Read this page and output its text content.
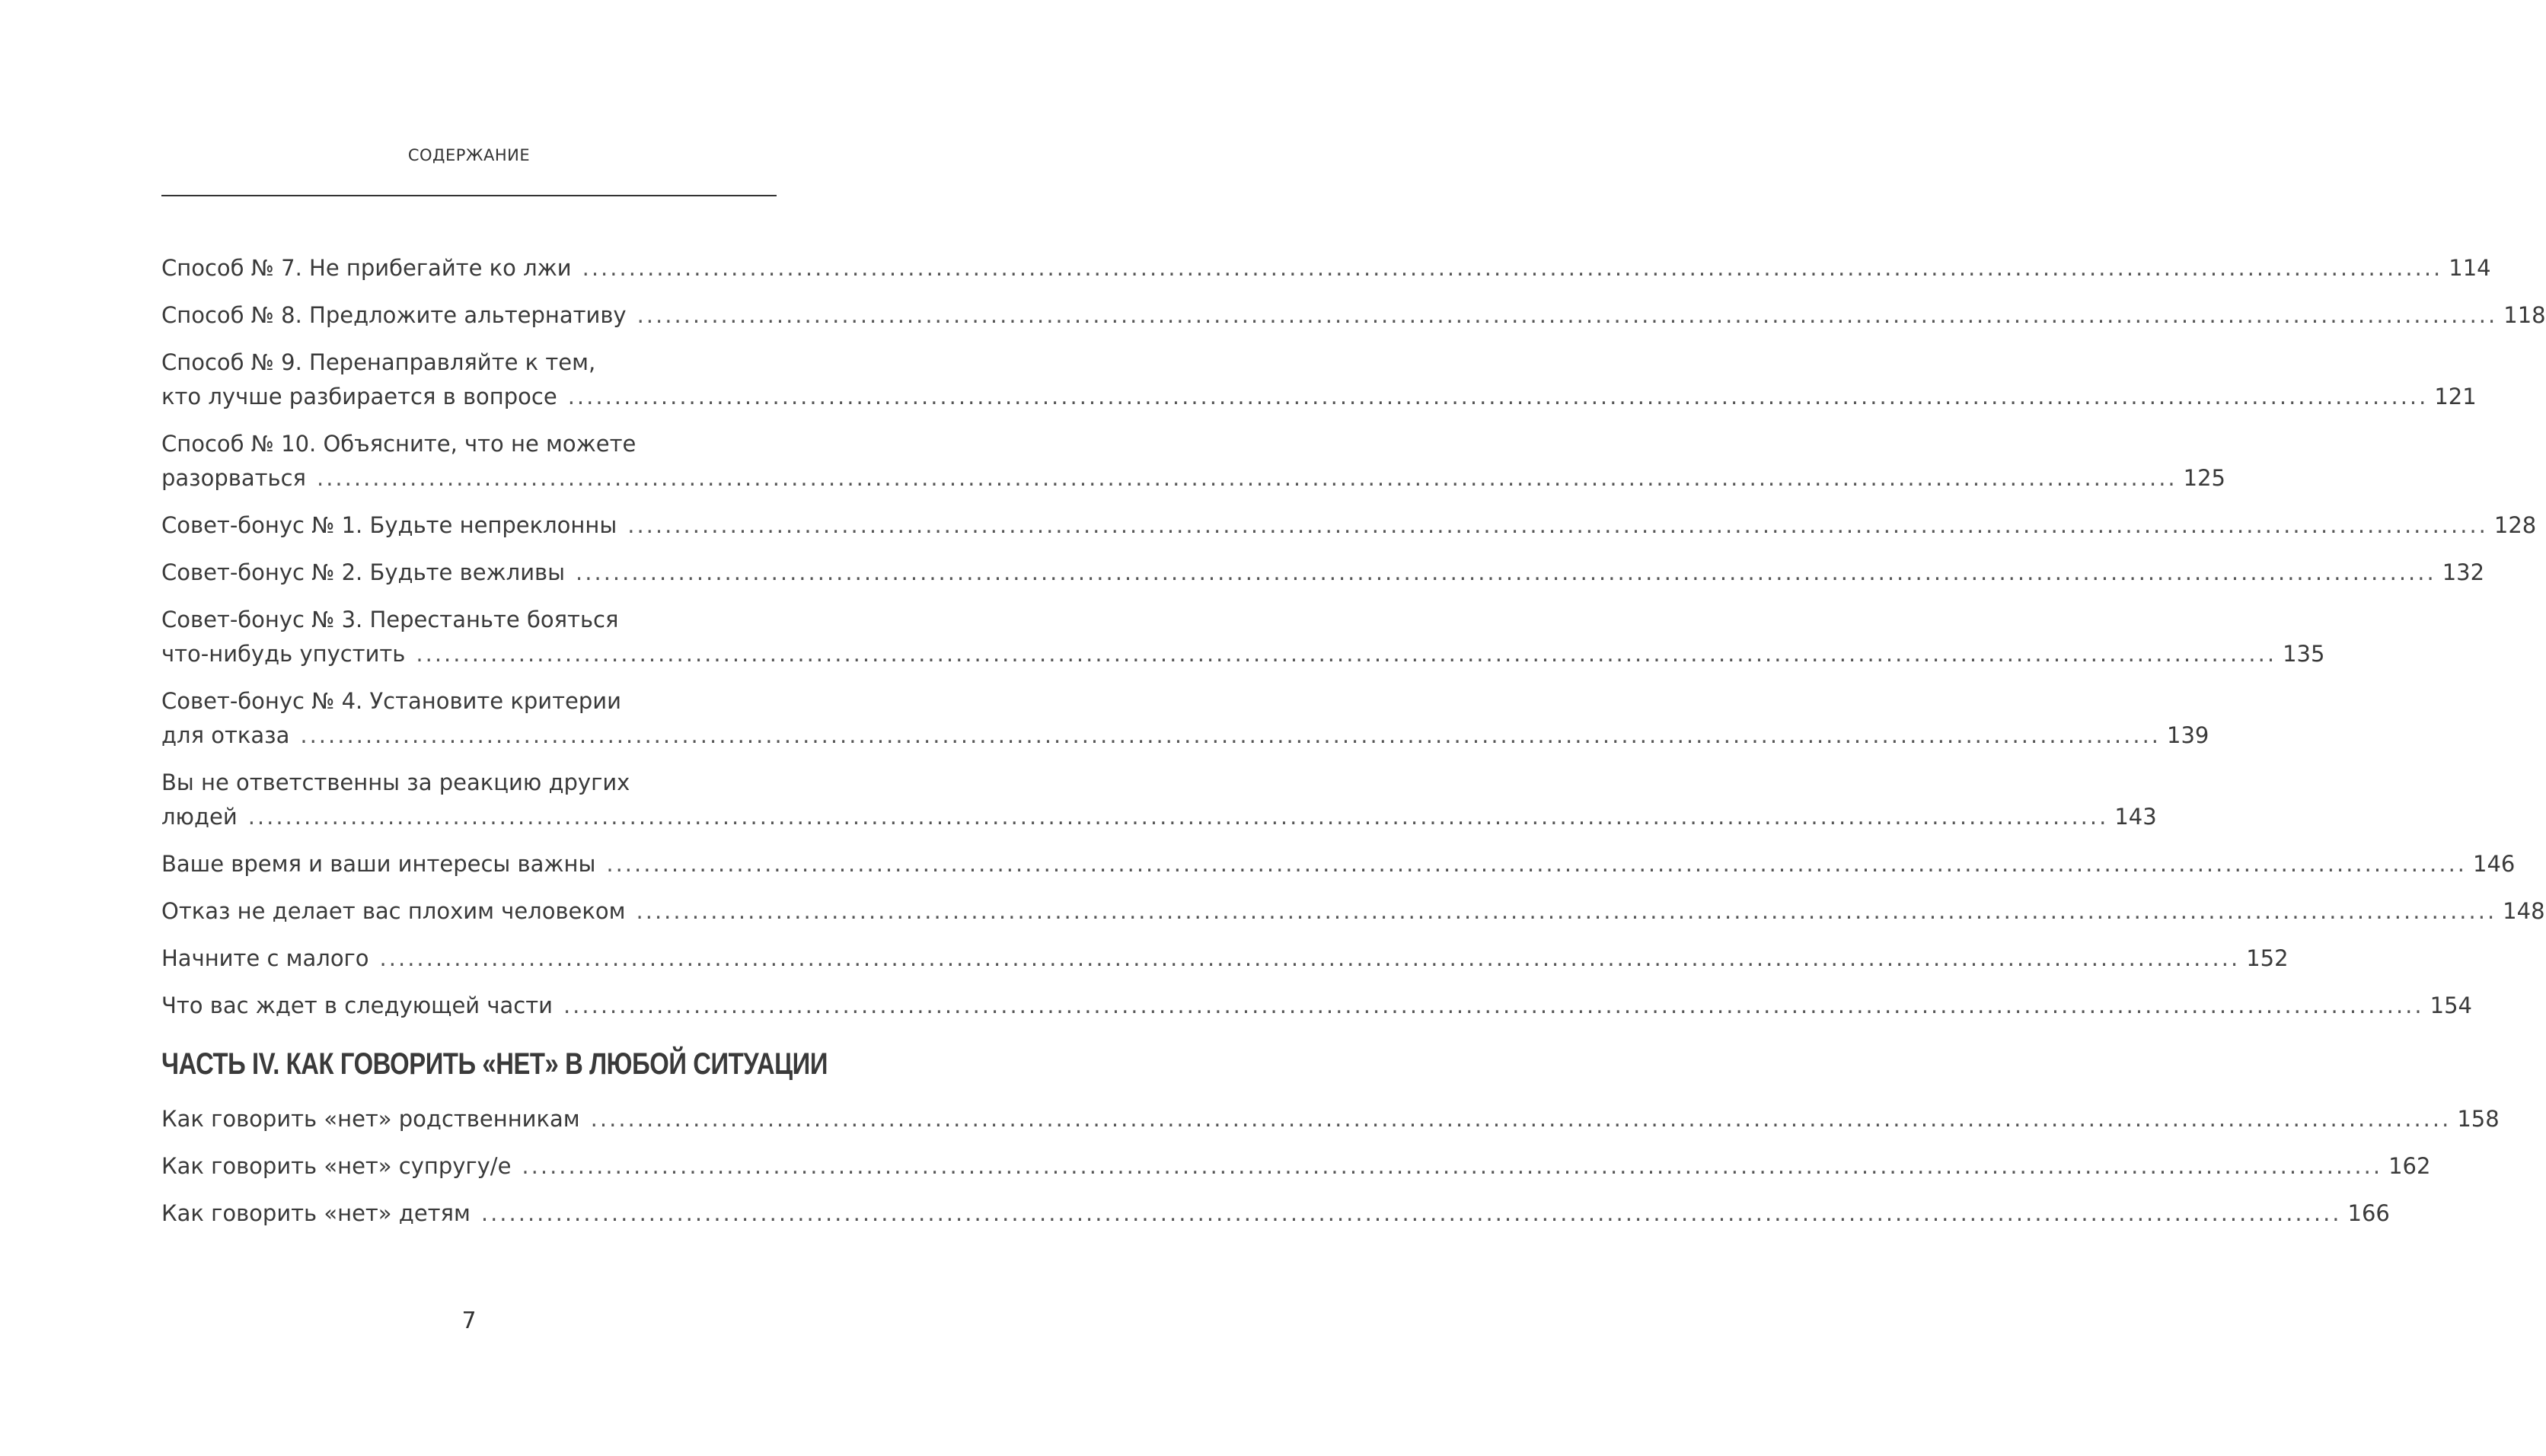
СОДЕРЖАНИЕ
Способ № 7. Не прибегайте ко лжи ........................................................................................................................................................................................................ 114
Способ № 8. Предложите альтернативу ........................................................................................................................................................................................................ 118
Способ № 9. Перенаправляйте к тем,
кто лучше разбирается в вопросе ........................................................................................................................................................................................................ 121
Способ № 10. Объясните, что не можете
разорваться ........................................................................................................................................................................................................ 125
Совет-бонус № 1. Будьте непреклонны ........................................................................................................................................................................................................ 128
Совет-бонус № 2. Будьте вежливы ........................................................................................................................................................................................................ 132
Совет-бонус № 3. Перестаньте бояться
что-нибудь упустить ........................................................................................................................................................................................................ 135
Совет-бонус № 4. Установите критерии
для отказа ........................................................................................................................................................................................................ 139
Вы не ответственны за реакцию других
людей ........................................................................................................................................................................................................ 143
Ваше время и ваши интересы важны ........................................................................................................................................................................................................ 146
Отказ не делает вас плохим человеком ........................................................................................................................................................................................................ 148
Начните с малого ........................................................................................................................................................................................................ 152
Что вас ждет в следующей части ........................................................................................................................................................................................................ 154
ЧАСТЬ IV. КАК ГОВОРИТЬ «НЕТ» В ЛЮБОЙ СИТУАЦИИ
Как говорить «нет» родственникам ........................................................................................................................................................................................................ 158
Как говорить «нет» супругу/е ........................................................................................................................................................................................................ 162
Как говорить «нет» детям ........................................................................................................................................................................................................ 166
7
